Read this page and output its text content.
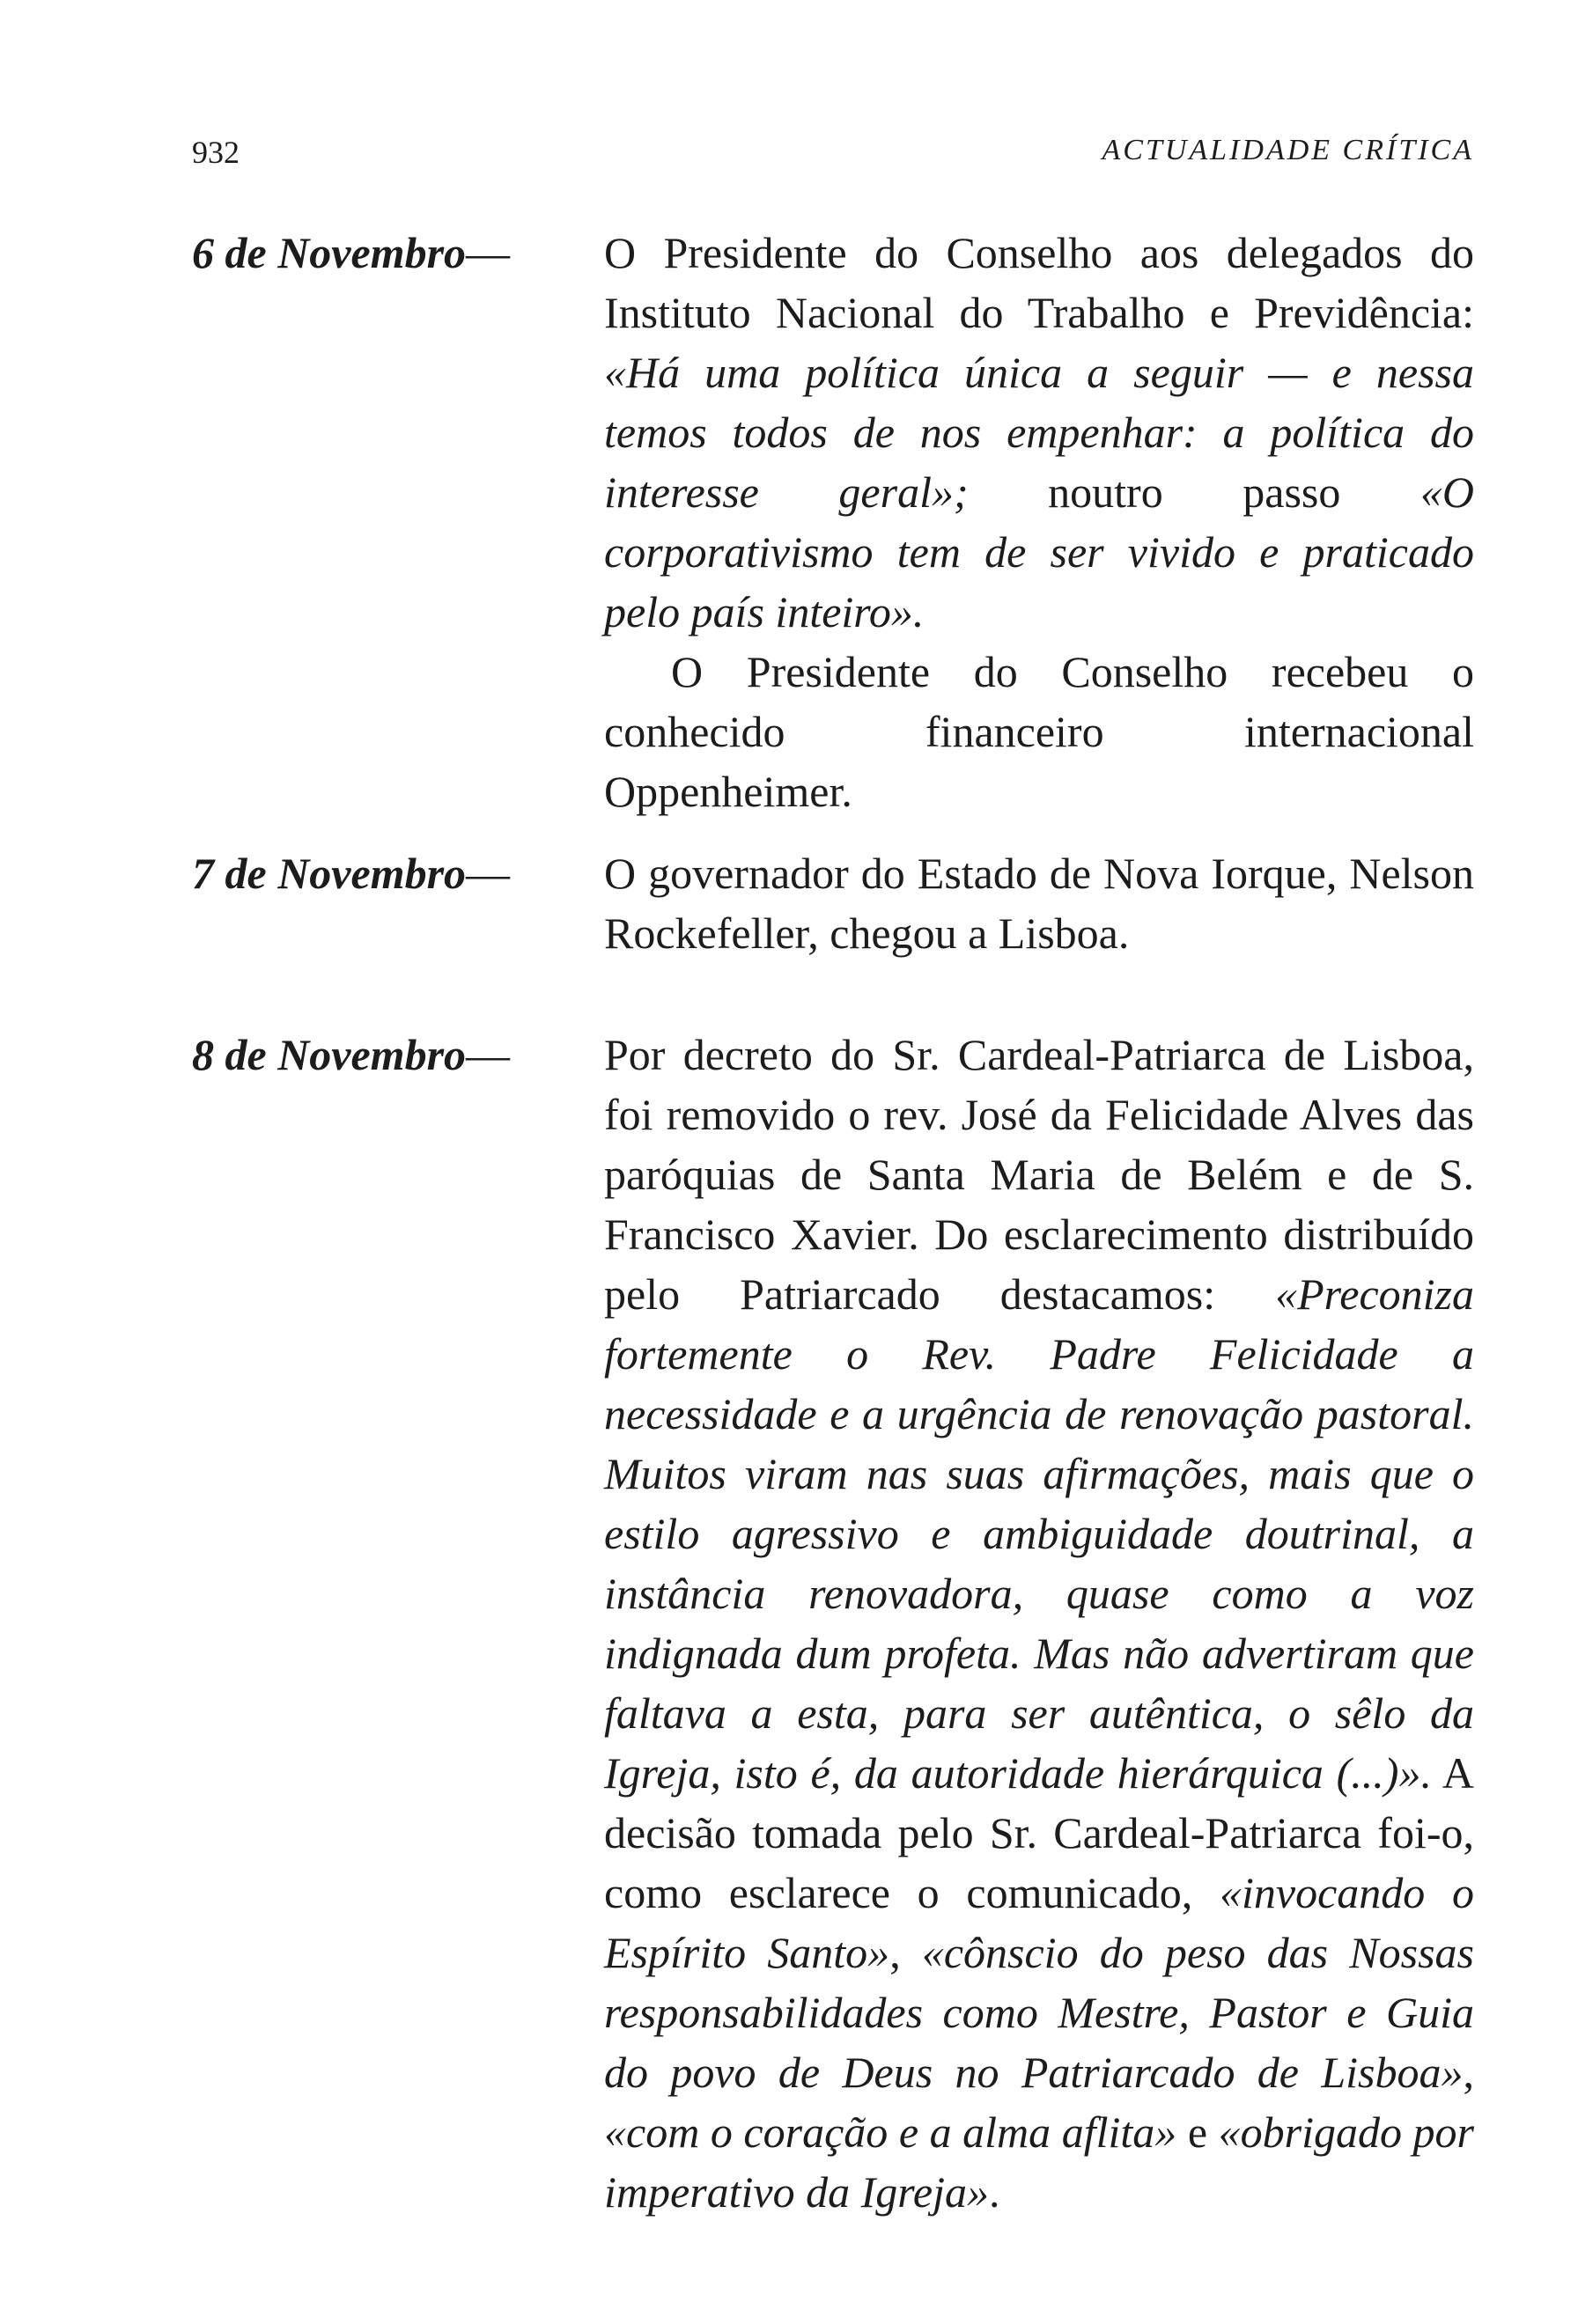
932	ACTUALIDADE CRÍTICA
6 de Novembro— O Presidente do Conselho aos delegados do Instituto Nacional do Trabalho e Previdência: «Há uma política única a seguir — e nessa temos todos de nos empenhar: a política do interesse geral»; noutro passo «O corporativismo tem de ser vivido e praticado pelo país inteiro».

O Presidente do Conselho recebeu o conhecido financeiro internacional Oppenheimer.

7 de Novembro— O governador do Estado de Nova Iorque, Nelson Rockefeller, chegou a Lisboa.

8 de Novembro— Por decreto do Sr. Cardeal-Patriarca de Lisboa, foi removido o rev. José da Felicidade Alves das paróquias de Santa Maria de Belém e de S. Francisco Xavier. Do esclarecimento distribuído pelo Patriarcado destacamos: «Preconiza fortemente o Rev. Padre Felicidade a necessidade e a urgência de renovação pastoral. Muitos viram nas suas afirmações, mais que o estilo agressivo e ambiguidade doutrinal, a instância renovadora, quase como a voz indignada dum profeta. Mas não advertiram que faltava a esta, para ser autêntica, o sêlo da Igreja, isto é, da autoridade hierárquica (...)». A decisão tomada pelo Sr. Cardeal-Patriarca foi-o, como esclarece o comunicado, «invocando o Espírito Santo», «cônscio do peso das Nossas responsabilidades como Mestre, Pastor e Guia do povo de Deus no Patriarcado de Lisboa», «com o coração e a alma aflita» e «obrigado por imperativo da Igreja».
